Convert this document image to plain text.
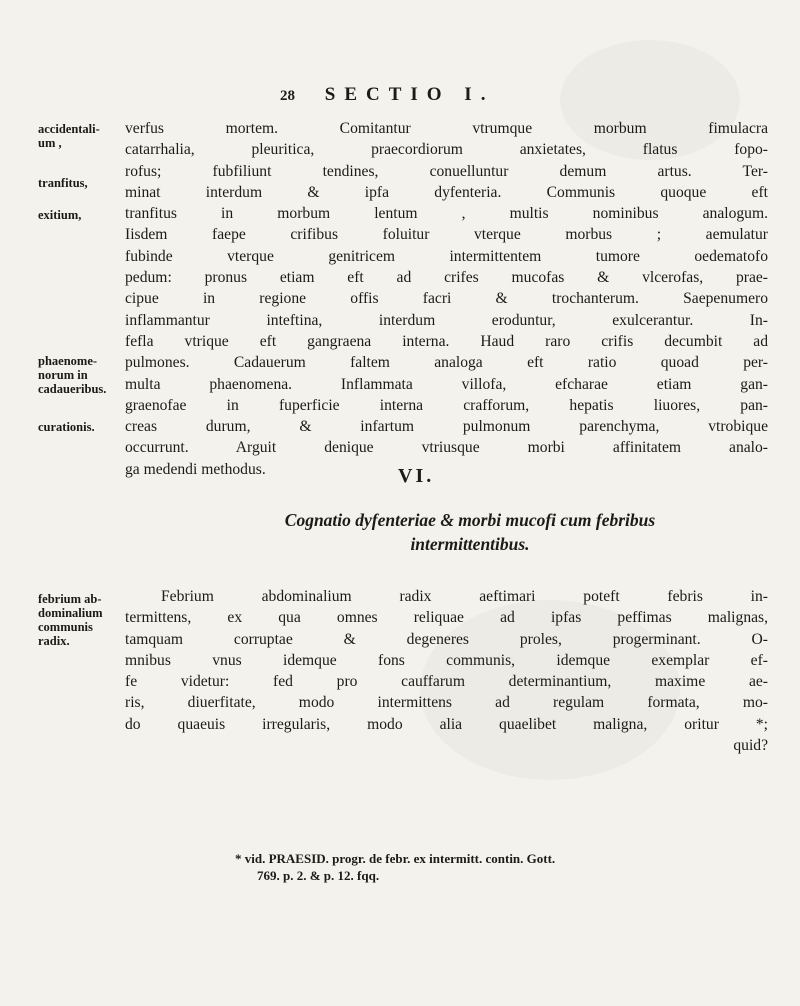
28 SECTIO I.
accidentali-
um ,
tranfitus,
exitium,
phaenome-
norum in
cadaueribus.
curationis.
febrium ab-
dominalium
communis
radix.
verfus mortem. Comitantur vtrumque morbum fimulacra
catarrhalia, pleuritica, praecordiorum anxietates, flatus fopo-
rofus; fubfiliunt tendines, conuelluntur demum artus. Ter-
minat interdum & ipfa dyfenteria. Communis quoque eft
tranfitus in morbum lentum , multis nominibus analogum.
Iisdem faepe crifibus foluitur vterque morbus ; aemulatur
fubinde vterque genitricem intermittentem tumore oedematofo
pedum: pronus etiam eft ad crifes mucofas & vlcerofas, prae-
cipue in regione offis facri & trochanterum. Saepenumero
inflammantur inteftina, interdum eroduntur, exulcerantur. In-
fefla vtrique eft gangraena interna. Haud raro crifis decumbit ad
pulmones. Cadauerum faltem analoga eft ratio quoad per-
multa phaenomena. Inflammata villofa, efcharae etiam gan-
graenofae in fuperficie interna crafforum, hepatis liuores, pan-
creas durum, & infartum pulmonum parenchyma, vtrobique
occurrunt. Arguit denique vtriusque morbi affinitatem analo-
ga medendi methodus.	VI.
Cognatio dyfenteriae & morbi mucofi cum febribus
intermittentibus.
Febrium abdominalium radix aeftimari poteft febris in-
termittens, ex qua omnes reliquae ad ipfas peffimas malignas,
tamquam corruptae & degeneres proles, progerminant. O-
mnibus vnus idemque fons communis, idemque exemplar ef-
fe videtur: fed pro cauffarum determinantium, maxime ae-
ris, diuerfitate, modo intermittens ad regulam formata, mo-
do quaeuis irregularis, modo alia quaelibet maligna, oritur *;
quid?
* vid. PRAESID. progr. de febr. ex intermitt. contin. Gott.
769. p. 2. & p. 12. fqq.
